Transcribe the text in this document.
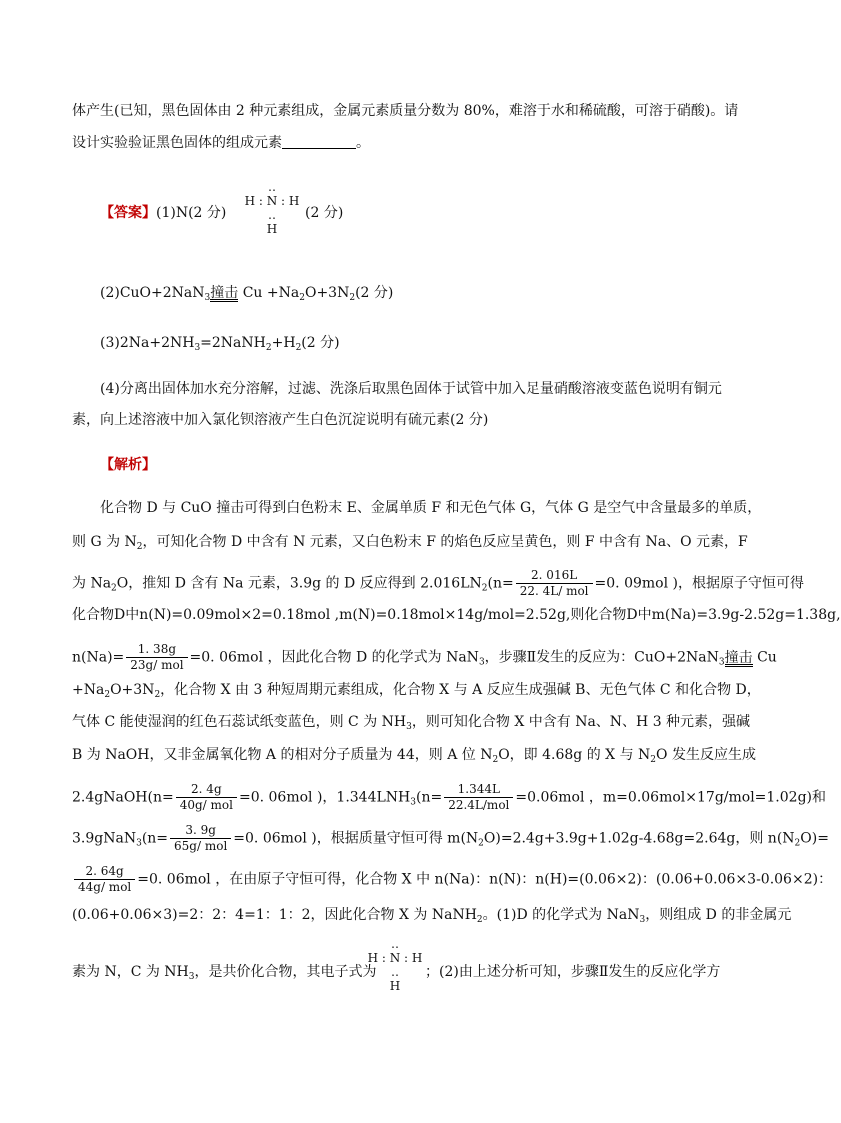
体产生(已知，黑色固体由 2 种元素组成，金属元素质量分数为 80%，难溶于水和稀硫酸，可溶于硝酸)。请
设计实验验证黑色固体的组成元素	。
【答案】(1)N(2 分)
‥
H : N : H
‥
H
(2 分)
(2)CuO+2NaN$_3$撞击 $Cu +Na_2O+3N_2(2$ 分)
$(3)2Na+2NH_3=2NaNH_2+H_2(2$ 分)
(4)分离出固体加水充分溶解，过滤、洗涤后取黑色固体于试管中加入足量硝酸溶液变蓝色说明有铜元
素，向上述溶液中加入氯化钡溶液产生白色沉淀说明有硫元素(2 分)
【解析】
化合物 D 与 CuO 撞击可得到白色粉末 E、金属单质 F 和无色气体 G，气体 G 是空气中含量最多的单质，
则 G 为 $N_2$，可知化合物 D 中含有 N 元素，又白色粉末 F 的焰色反应呈黄色，则 F 中含有 Na、O 元素，F
为 $Na_2O$，推知 D 含有 Na 元素，3.9g 的 D 反应得到 $2.016LN_2(n= \frac{2. 016L}{\text{22. 4L/ mol}} =0$. 09mol )，根据原子守恒可得
化合物D中n(N)=0.09mol×2=0.18mol ,m(N)=0.18mol×14g/mol=2.52g,则化合物D中m(Na)=3.9g-2.52g=1.38g,
$n(Na)= \frac{1. 38g}{\text{23g/ mol}} =0$. 06mol ，因此化合物 D 的化学式为 NaN$_3$，步骤Ⅱ发生的反应为：CuO+2NaN$_3$撞击 Cu
$+Na_2O+3N_2$，化合物 X 由 3 种短周期元素组成，化合物 X 与 A 反应生成强碱 B、无色气体 C 和化合物 D，
气体 C 能使湿润的红色石蕊试纸变蓝色，则 C 为 $NH_3$，则可知化合物 X 中含有 Na、N、H 3 种元素，强碱
B 为 NaOH，又非金属氧化物 A 的相对分子质量为 44，则 A 位 $N_2O$，即 4.68g 的 X 与 $N_2O$ 发生反应生成
2.4gNaOH(n= $\frac{2. 4g}{\text{40g/ mol}} =0$. 06mol )，$1.344LNH_3(n= \frac{1.344L}{\text{22.4L/mol}} =0.06mol$ ，m=0.06mol×17g/mol=1.02g)和
3.9gNaN$_3$(n= $\frac{3. 9g}{\text{65g/ mol}} =0$. 06mol )，根据质量守恒可得 $m(N_2O)=2.4g+3.9g+1.02g-4.68g=2.64g$，则 $n(N_2O)=$
$\frac{2. 64g}{\text{44g/ mol}} =0$. 06mol ，在由原子守恒可得，化合物 X 中 n(Na)：n(N)：n(H)=(0.06×2)：(0.06+0.06×3-0.06×2)：
(0.06+0.06×3)=2：2：4=1：1：2，因此化合物 X 为 NaNH$_2$。(1)D 的化学式为 NaN$_3$，则组成 D 的非金属元
‥
H : N : H
‥
H
素为 N，C 为 $NH_3$，是共价化合物，其电子式为	；(2)由上述分析可知，步骤Ⅱ发生的反应化学方
